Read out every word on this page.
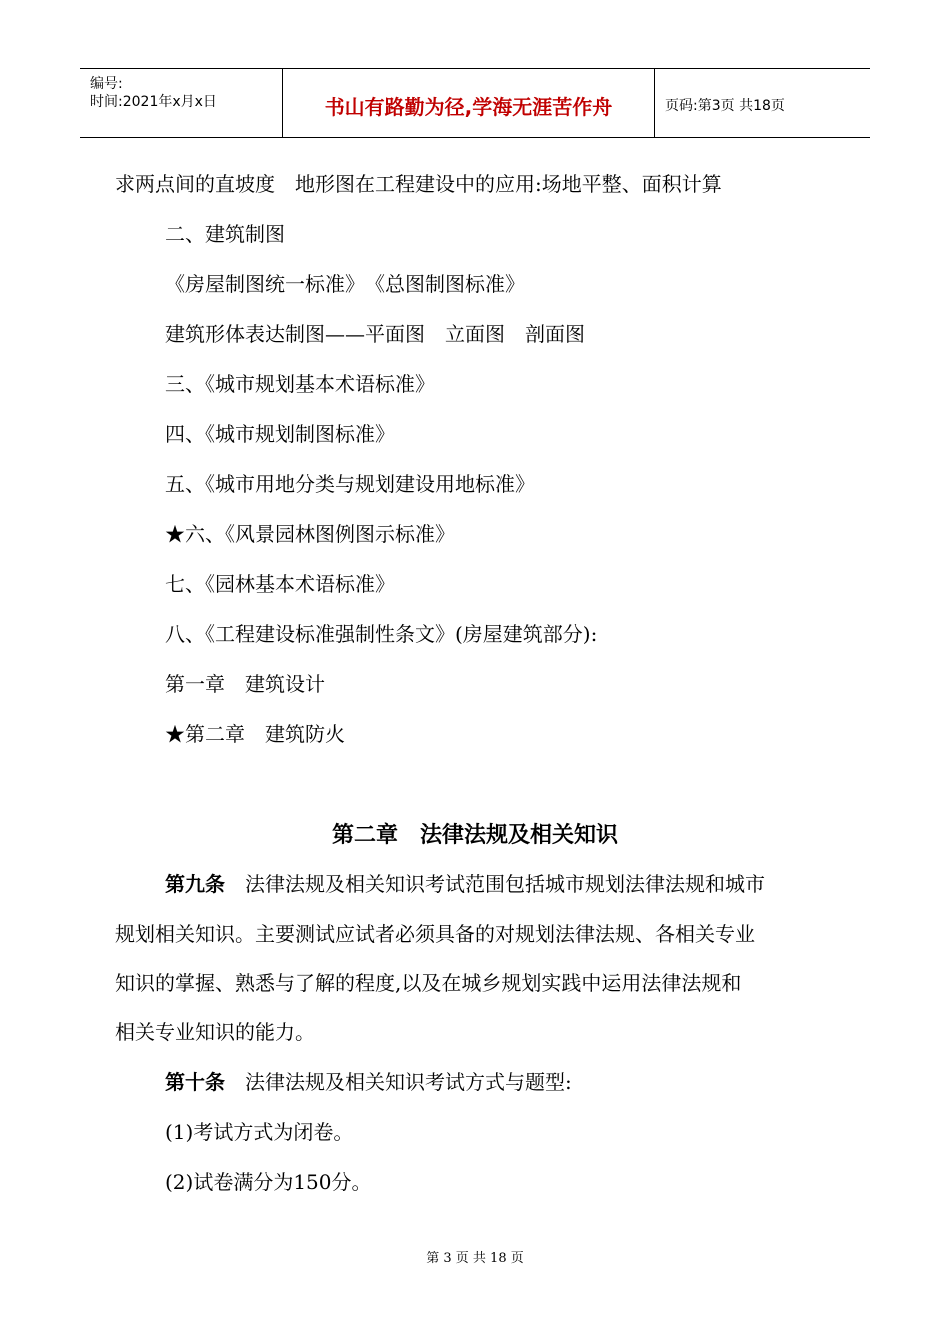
编号:
时间:2021年x月x日	书山有路勤为径,学海无涯苦作舟	页码:第3页 共18页
求两点间的直坡度　地形图在工程建设中的应用:场地平整、面积计算
二、建筑制图
《房屋制图统一标准》　《总图制图标准》
建筑形体表达制图——平面图　立面图　剖面图
三、《城市规划基本术语标准》
四、《城市规划制图标准》
五、《城市用地分类与规划建设用地标准》
★六、《风景园林图例图示标准》
七、《园林基本术语标准》
八、《工程建设标准强制性条文》(房屋建筑部分):
第一章　建筑设计
★第二章　建筑防火
第二章　法律法规及相关知识
第九条　 法律法规及相关知识考试范围包括城市规划法律法规和城市
规划相关知识。主要测试应试者必须具备的对规划法律法规、各相关专业
知识的掌握、熟悉与了解的程度,以及在城乡规划实践中运用法律法规和
相关专业知识的能力。
第十条　 法律法规及相关知识考试方式与题型:
(1)考试方式为闭卷。
(2)试卷满分为150分。
第 3 页 共 18 页
